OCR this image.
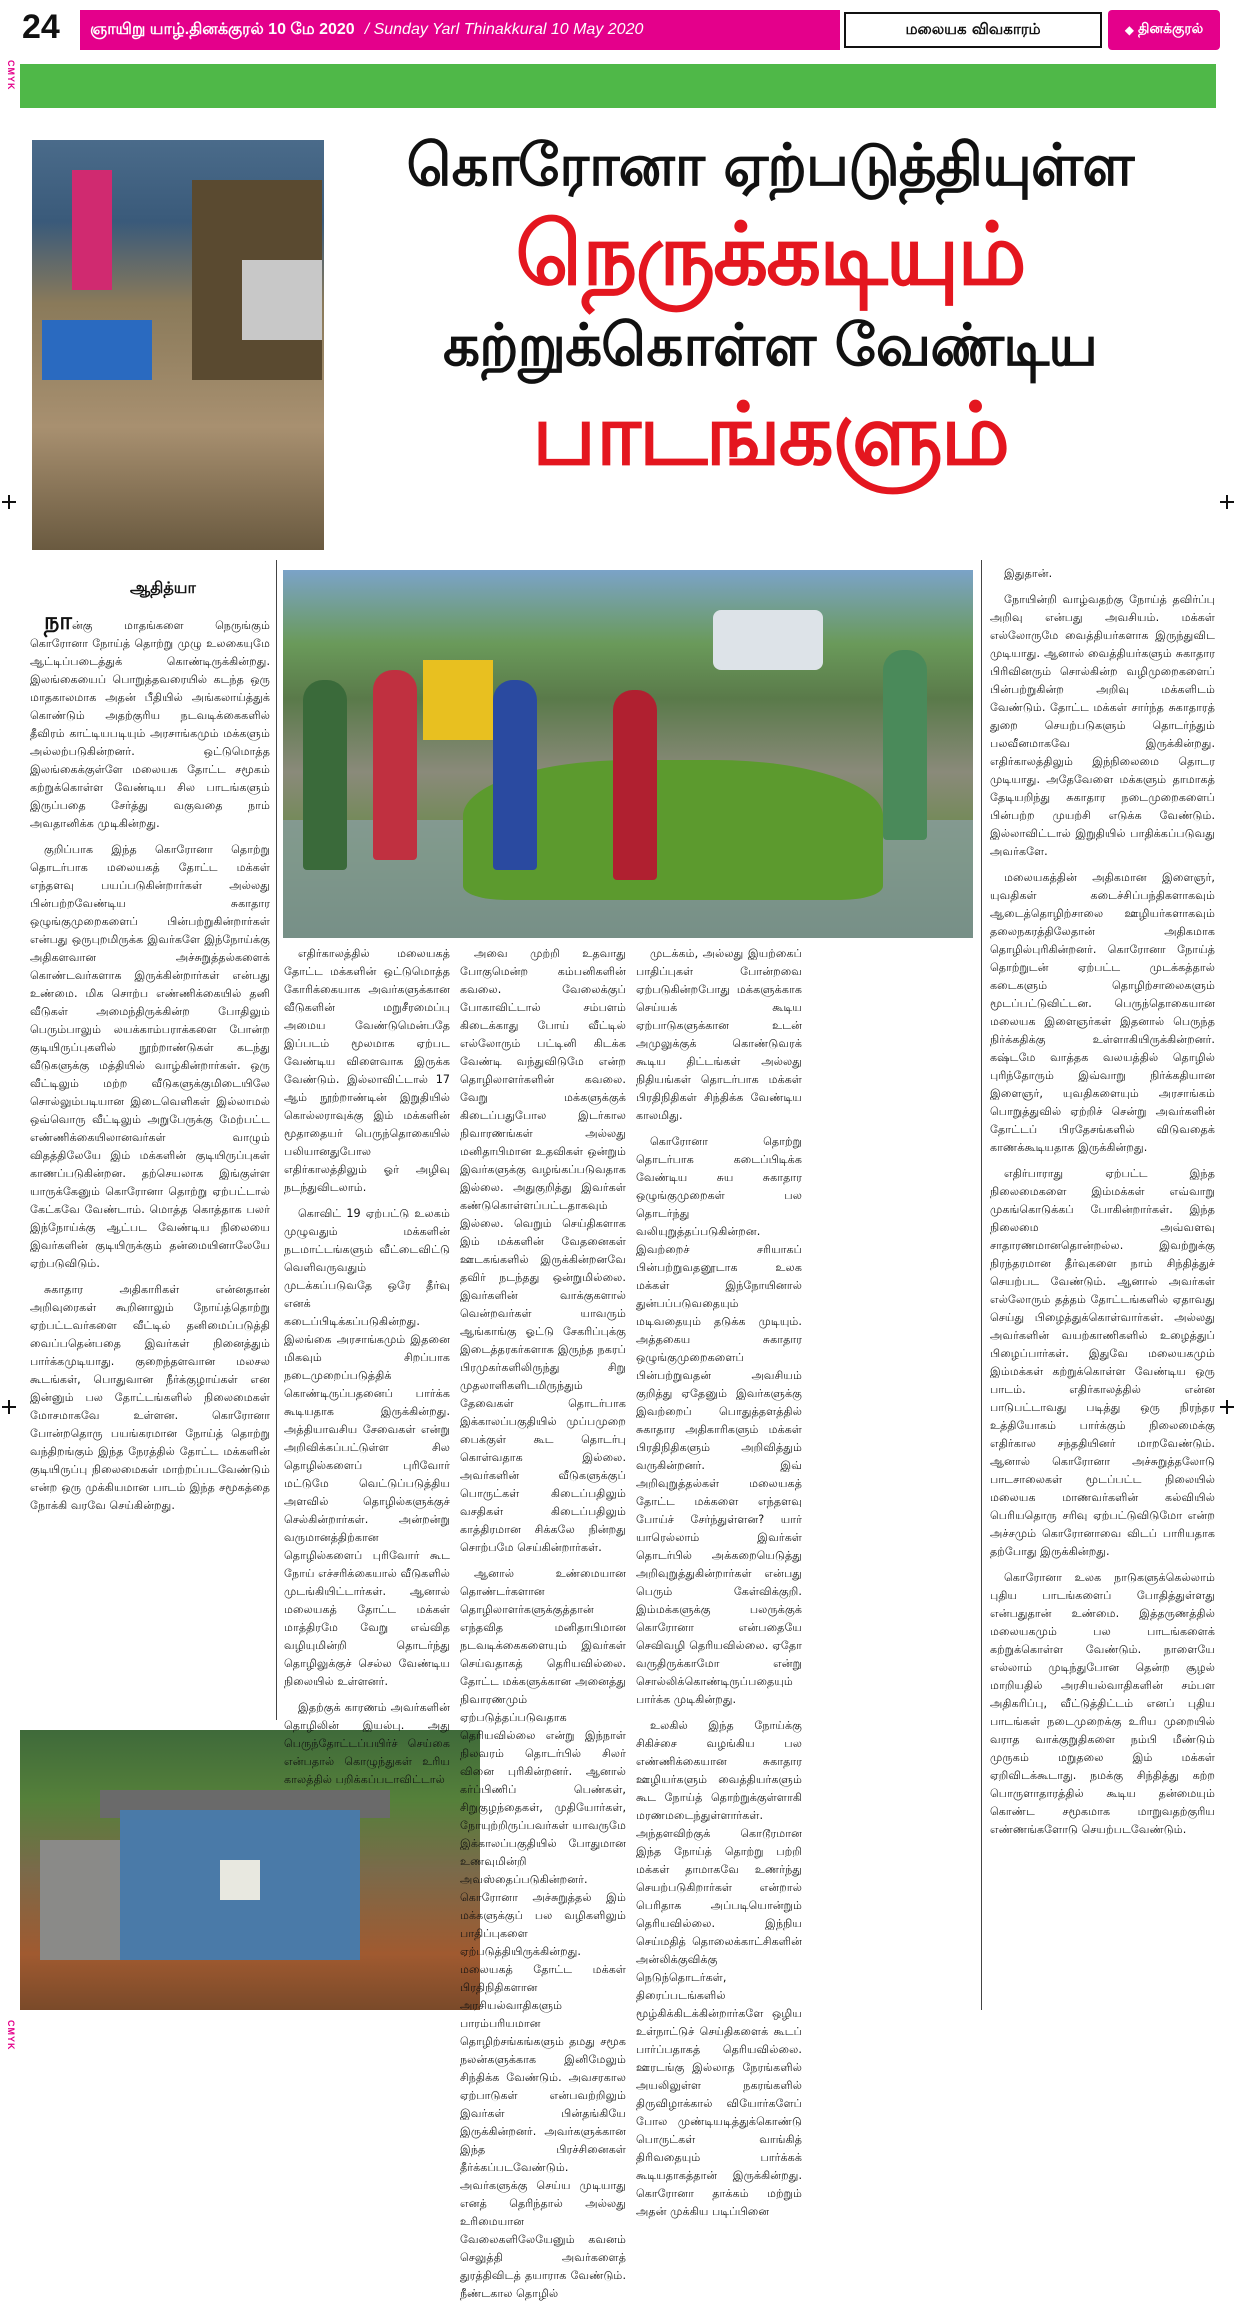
24 ஞாயிறு யாழ்.தினக்குரல் 10 மே 2020 / Sunday Yarl Thinakkural 10 May 2020	மலையக விவகாரம்	◆ தினக்குரல்
CMYK
CMYK
கொரோனா ஏற்படுத்தியுள்ள
நெருக்கடியும்
கற்றுக்கொள்ள வேண்டிய
பாடங்களும்
ஆதித்யா

நான்கு மாதங்களை நெருங்கும் கொரோனா நோய்த் தொற்று முழு உலகையுமே ஆட்டிப்படைத்துக் கொண்டிருக்கின்றது. இலங்கையைப் பொறுத்தவரையில் கடந்த ஒரு மாதகாலமாக அதன் பீதியில் அங்கலாய்த்துக் கொண்டும் அதற்குரிய நடவடிக்கைகளில் தீவிரம் காட்டியபடியும் அரசாங்கமும் மக்களும் அல்லற்படுகின்றனர். ஒட்டுமொத்த இலங்கைக்குள்ளே மலையக தோட்ட சமூகம் கற்றுக்கொள்ள வேண்டிய சில பாடங்களும் இருப்பதை சேர்த்து வகுவதை நாம் அவதானிக்க முடிகின்றது.

குறிப்பாக இந்த கொரோனா தொற்று தொடர்பாக மலையகத் தோட்ட மக்கள் எந்தளவு பயப்படுகின்றார்கள் அல்லது பின்பற்றவேண்டிய சுகாதார ஒழுங்குமுறைகளைப் பின்பற்றுகின்றார்கள் என்பது ஒருபுறமிருக்க இவர்களே இந்நோய்க்கு அதிகளவான அச்சுறுத்தல்களைக் கொண்டவர்களாக இருக்கின்றார்கள் என்பது உண்மை. மிக சொற்ப எண்ணிக்கையில் தனி வீடுகள் அமைந்திருக்கின்ற போதிலும் பெரும்பாலும் லயக்காம்பராக்களை போன்ற குடியிருப்புகளில் நூற்றாண்டுகள் கடந்து வீடுகளுக்கு மத்தியில் வாழ்கின்றார்கள். ஒரு வீட்டிலும் மற்ற வீடுகளுக்குமிடையிலே சொல்லும்படியான இடைவெளிகள் இல்லாமல் ஒவ்வொரு வீட்டிலும் அறுபேருக்கு மேற்பட்ட எண்ணிக்கையிலானவர்கள் வாழும் விதத்திலேயே இம் மக்களின் குடியிருப்புகள் காணப்படுகின்றன. தற்செயலாக இங்குள்ள யாருக்கேனும் கொரோனா தொற்று ஏற்பட்டால் கேட்கவே வேண்டாம். மொத்த கொத்தாக பலர் இந்நோய்க்கு ஆட்பட வேண்டிய நிலையை இவர்களின் குடியிருக்கும் தன்மையினாலேயே ஏற்படுவிடும்.

சுகாதார அதிகாரிகள் என்னதான் அறிவுரைகள் கூறினாலும் நோய்த்தொற்று ஏற்பட்டவர்களை வீட்டில் தனிமைப்படுத்தி வைப்பதென்பதை இவர்கள் நினைத்தும் பார்க்கமுடியாது. குறைந்தளவான மலசல கூடங்கள், பொதுவான நீர்க்குழாய்கள் என இன்னும் பல தோட்டங்களில் நிலைமைகள் மோசமாகவே உள்ளன. கொரோனா போன்றதொரு பயங்கரமான நோய்த் தொற்று வந்திறங்கும் இந்த நேரத்தில் தோட்ட மக்களின் குடியிருப்பு நிலைமைகள் மாற்றப்படவேண்டும் என்ற ஒரு முக்கியமான பாடம் இந்த சமூகத்தை நோக்கி வரவே செய்கின்றது.

எதிர்காலத்தில் மலையகத் தோட்ட மக்களின் ஒட்டுமொத்த கோரிக்கையாக அவர்களுக்கான வீடுகளின் மறுசீரமைப்பு அமைய வேண்டுமென்பதே இப்படம் மூலமாக ஏற்பட வேண்டிய விளைவாக இருக்க வேண்டும். இல்லாவிட்டால் 17 ஆம் நூற்றாண்டின் இறுதியில் கொல்லராவுக்கு இம் மக்களின் மூதாதையர் பெருந்தொகையில் பலியானதுபோல எதிர்காலத்திலும் ஓர் அழிவு நடந்துவிடலாம்.

கொவிட் 19 ஏற்பட்டு உலகம் முழுவதும் மக்களின் நடமாட்டங்களும் வீட்டைவிட்டு வெளிவருவதும் முடக்கப்படுவதே ஒரே தீர்வு எனக் கடைப்பிடிக்கப்படுகின்றது. இலங்கை அரசாங்கமும் இதனை மிகவும் சிறப்பாக நடைமுறைப்படுத்திக் கொண்டிருப்பதனைப் பார்க்க கூடியதாக இருக்கின்றது. அத்தியாவசிய சேவைகள் என்று அறிவிக்கப்பட்டுள்ள சில தொழில்களைப் புரிவோர் மட்டுமே வெட்டுப்படுத்திய அளவில் தொழில்களுக்குச் செல்கின்றார்கள். அன்றன்று வருமானத்திற்கான தொழில்களைப் புரிவோர் கூட நோய் எச்சரிக்கையால் வீடுகளில் முடங்கியிட்டார்கள். ஆனால் மலையகத் தோட்ட மக்கள் மாத்திரமே வேறு எவ்வித வழியுமின்றி தொடர்ந்து தொழிலுக்குச் செல்ல வேண்டிய நிலையில் உள்ளனர்.

இதற்குக் காரணம் அவர்களின் தொழிலின் இயல்பு. அது பெருந்தோட்டப்பயிர்ச் செய்கை என்பதால் கொழுந்துகள் உரிய காலத்தில் பறிக்கப்படாவிட்டால்

அவை முற்றி உதவாது போகுமென்ற கம்பனிகளின் கவலை. வேலைக்குப் போகாவிட்டால் சம்பளம் கிடைக்காது போய் வீட்டில் எல்லோரும் பட்டினி கிடக்க வேண்டி வந்துவிடுமே என்ற தொழிலாளர்களின் கவலை. வேறு மக்களுக்குக் கிடைப்பதுபோல இடர்கால நிவாரணங்கள் அல்லது மனிதாபிமான உதவிகள் ஒன்றும் இவர்களுக்கு வழங்கப்படுவதாக இல்லை. அதுகுறித்து இவர்கள் கண்டுகொள்ளப்பட்டதாகவும் இல்லை. வெறும் செய்திகளாக இம் மக்களின் வேதனைகள் ஊடகங்களில் இருக்கின்றனவே தவிர் நடந்தது ஒன்றுமில்லை. இவர்களின் வாக்குகளால் வென்றவர்கள் யாவரும் ஆங்காங்கு ஓட்டு சேகரிப்புக்கு இடைத்தரகர்களாக இருந்த நகரப் பிரமுகர்களிலிருந்து சிறு முதலாளிகளிடமிருந்தும் தேவைகள் தொடர்பாக இக்காலப்பகுதியில் முப்பமுறை பைக்குள் கூட தொடர்பு கொள்வதாக இல்லை. அவர்களின் வீடுகளுக்குப் பொருட்கள் கிடைப்பதிலும் வசதிகள் கிடைப்பதிலும் காத்திரமான சிக்கலே நின்றது சொற்பமே செய்கின்றார்கள்.

ஆனால் உண்மையான தொண்டர்களான தொழிலாளர்களுக்குத்தான் எந்தவித மனிதாபிமான நடவடிக்கைகளையும் இவர்கள் செய்வதாகத் தெரியவில்லை. தோட்ட மக்களுக்கான அனைத்து நிவாரணமும் ஏற்படுத்தப்படுவதாக தெரியவில்லை என்று இந்நாள் நிலவரம் தொடர்பில் சிலர் வினை புரிகின்றனர். ஆனால் கர்ப்பிணிப் பெண்கள், சிறுகுழந்தைகள், முதியோர்கள், நோயுற்றிருப்பவர்கள் யாவருமே இக்காலப்பகுதியில் போதுமான உணவுமின்றி அவஸ்தைப்படுகின்றனர். கொரோனா அச்சுறுத்தல் இம் மக்களுக்குப் பல வழிகளிலும் பாதிப்புகளை ஏற்படுத்தியிருக்கின்றது. மலையகத் தோட்ட மக்கள் பிரதிநிதிகளான அரசியல்வாதிகளும் பாரம்பரியமான தொழிற்சங்கங்களும் தமது சமூக நலன்களுக்காக இனிமேலும் சிந்திக்க வேண்டும். அவசரகால ஏற்பாடுகள் என்பவற்றிலும் இவர்கள் பின்தங்கியே இருக்கின்றனர். அவர்களுக்கான இந்த பிரச்சினைகள் தீர்க்கப்படவேண்டும். அவர்களுக்கு செய்ய முடியாது எனத் தெரிந்தால் அல்லது உரிமையான வேலைகளிலேயேனும் கவனம் செலுத்தி அவர்களைத் துரத்திவிடத் தயாராக வேண்டும். நீண்டகால தொழில்

முடக்கம், அல்லது இயற்கைப் பாதிப்புகள் போன்றவை ஏற்படுகின்றபோது மக்களுக்காக செய்யக் கூடிய ஏற்பாடுகளுக்கான உடன் அமுலுக்குக் கொண்டுவரக் கூடிய திட்டங்கள் அல்லது நிதியங்கள் தொடர்பாக மக்கள் பிரதிநிதிகள் சிந்திக்க வேண்டிய காலமிது.

கொரோனா தொற்று தொடர்பாக கடைப்பிடிக்க வேண்டிய சுய சுகாதார ஒழுங்குமுறைகள் பல தொடர்ந்து வலியுறுத்தப்படுகின்றன. இவற்றைச் சரியாகப் பின்பற்றுவதனூடாக உலக மக்கள் இந்நோயினால் துன்பப்படுவதையும் மடிவதையும் தடுக்க முடியும். அத்தகைய சுகாதார ஒழுங்குமுறைகளைப் பின்பற்றுவதன் அவசியம் குறித்து ஏதேனும் இவர்களுக்கு இவற்றைப் பொதுத்தளத்தில் சுகாதார அதிகாரிகளும் மக்கள் பிரதிநிதிகளும் அறிவித்தும் வருகின்றனர். இவ் அறிவுறுத்தல்கள் மலையகத் தோட்ட மக்களை எந்தளவு போய்ச் சேர்ந்துள்ளன? யார் யாரெல்லாம் இவர்கள் தொடர்பில் அக்கறையெடுத்து அறிவுறுத்துகின்றார்கள் என்பது பெரும் கேள்விக்குறி. இம்மக்களுக்கு பலருக்குக் கொரோனா என்பதையே செவிவழி தெரியவில்லை. ஏதோ வருதிருக்காமோ என்று சொல்லிக்கொண்டிருப்பதையும் பார்க்க முடிகின்றது.

உலகில் இந்த நோய்க்கு சிகிச்சை வழங்கிய பல எண்ணிக்கையான சுகாதார ஊழியர்களும் வைத்தியர்களும் கூட நோய்த் தொற்றுக்குள்ளாகி மரணமடைந்துள்ளார்கள். அந்தளவிற்குக் கொடூரமான இந்த நோய்த் தொற்று பற்றி மக்கள் தாமாகவே உணர்ந்து செயற்படுகிறார்கள் என்றால் பெரிதாக அப்படியொன்றும் தெரியவில்லை. இந்நிய செய்மதித் தொலைக்காட்சிகளின் அன்லிக்குவிக்கு நெடுந்தொடர்கள், திரைப்படங்களில் மூழ்கிக்கிடக்கின்றார்களே ஒழிய உள்நாட்டுச் செய்திகளைக் கூடப் பார்ப்பதாகத் தெரியவில்லை. ஊரடங்கு இல்லாத நேரங்களில் அயலிலுள்ள நகரங்களில் திருவிழாக்கால் வியோர்களேப் போல முண்டியடித்துக்கொண்டு பொருட்கள் வாங்கித் திரிவதையும் பார்க்கக் கூடியதாகத்தான் இருக்கின்றது. கொரோனா தாக்கம் மற்றும் அதன் முக்கிய படிப்பினை

இதுதான்.

நோயின்றி வாழ்வதற்கு நோய்த் தவிர்ப்பு அறிவு என்பது அவசியம். மக்கள் எல்லோருமே வைத்தியர்களாக இருந்துவிட முடியாது. ஆனால் வைத்தியர்களும் சுகாதார பிரிவினரும் சொல்கின்ற வழிமுறைகளைப் பின்பற்றுகின்ற அறிவு மக்களிடம் வேண்டும். தோட்ட மக்கள் சார்ந்த சுகாதாரத் துறை செயற்படுகளும் தொடர்ந்தும் பலவீனமாகவே இருக்கின்றது. எதிர்காலத்திலும் இந்நிலைமை தொடர முடியாது. அதேவேளை மக்களும் தாமாகத் தேடியறிந்து சுகாதார நடைமுறைகளைப் பின்பற்ற முயற்சி எடுக்க வேண்டும். இல்லாவிட்டால் இறுதியில் பாதிக்கப்படுவது அவர்களே.

மலையகத்தின் அதிகமான இளைஞர், யுவதிகள் கடைச்சிப்பந்திகளாகவும் ஆடைத்தொழிற்சாலை ஊழியர்களாகவும் தலைநகரத்திலேதான் அதிகமாக தொழில்புரிகின்றனர். கொரோனா நோய்த் தொற்றுடன் ஏற்பட்ட முடக்கத்தால் கடைகளும் தொழிற்சாலைகளும் மூடப்பட்டுவிட்டன. பெருந்தொகையான மலையக இளைஞர்கள் இதனால் பெருந்த நிர்க்கதிக்கு உள்ளாகியிருக்கின்றனர். கஷ்டமே வாத்தக வலயத்தில் தொழில் புரிந்தோரும் இவ்வாறு நிர்க்கதியான இளைஞர், யுவதிகளையும் அரசாங்கம் பொறுத்துவில் ஏற்றிச் சென்று அவர்களின் தோட்டப் பிரதேசங்களில் விடுவதைக் காணக்கூடியதாக இருக்கின்றது.

எதிர்பாராது ஏற்பட்ட இந்த நிலைமைகளை இம்மக்கள் எவ்வாறு முகங்கொடுக்கப் போகின்றார்கள். இந்த நிலைமை அவ்வளவு சாதாரணமானதொன்றல்ல. இவற்றுக்கு நிரந்தரமான தீர்வுகளை நாம் சிந்தித்துச் செயற்பட வேண்டும். ஆனால் அவர்கள் எல்லோரும் தத்தம் தோட்டங்களில் ஏதாவது செய்து பிழைத்துக்கொள்வார்கள். அல்லது அவர்களின் வயற்காணிகளில் உழைத்துப் பிழைப்பார்கள். இதுவே மலையகமும் இம்மக்கள் கற்றுக்கொள்ள வேண்டிய ஒரு பாடம். எதிர்காலத்தில் என்ன பாடுபட்டாவது படித்து ஒரு நிரந்தர உத்தியோகம் பார்க்கும் நிலைமைக்கு எதிர்கால சந்ததியினர் மாறவேண்டும். ஆனால் கொரோனா அச்சுறுத்தலோடு பாடசாலைகள் மூடப்பட்ட நிலையில் மலையக மாணவர்களின் கல்வியில் பெரியதொரு சரிவு ஏற்பட்டுவிடுமோ என்ற அச்சமும் கொரோனாவை விடப் பாரியதாக தற்போது இருக்கின்றது.

கொரோனா உலக நாடுகளுக்கெல்லாம் புதிய பாடங்களைப் போதித்துள்ளது என்பதுதான் உண்மை. இத்தருணத்தில் மலையகமும் பல பாடங்களைக் கற்றுக்கொள்ள வேண்டும். நாளையே எல்லாம் முடிந்துபோன தென்ற சூழல் மாறியதில் அரசியல்வாதிகளின் சம்பள அதிகரிப்பு, வீட்டுத்திட்டம் எனப் புதிய பாடங்கள் நடைமுறைக்கு உரிய முறையில் வராத வாக்குறுதிகளை நம்பி மீண்டும் முருகம் மறுதலை இம் மக்கள் ஏறிவிடக்கூடாது. நமக்கு சிந்தித்து கற்ற பொருளாதாரத்தில் கூடிய தன்மையும் கொண்ட சமூகமாக மாறுவதற்குரிய எண்ணங்களோடு செயற்படவேண்டும்.
